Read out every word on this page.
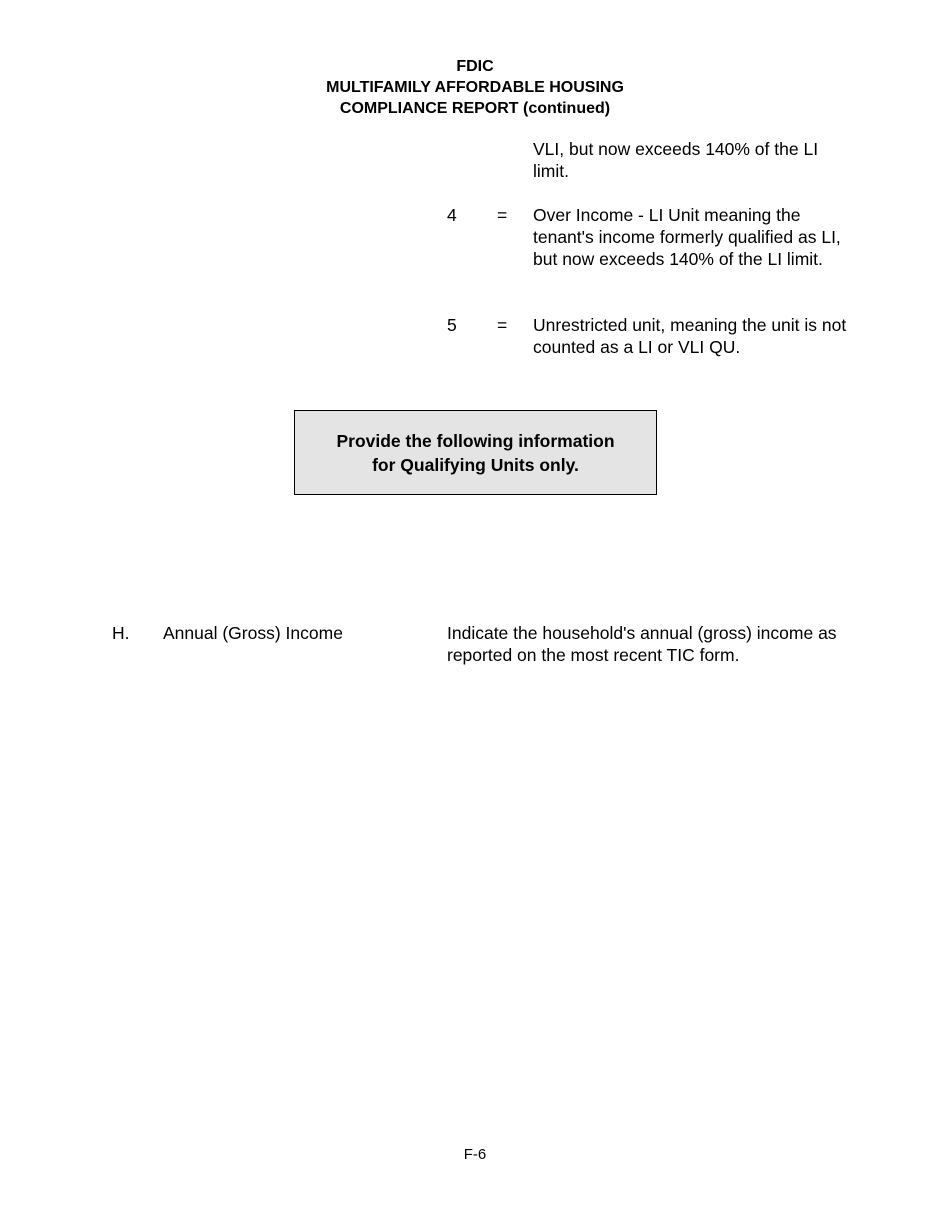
FDIC
MULTIFAMILY AFFORDABLE HOUSING
COMPLIANCE REPORT (continued)
VLI, but now exceeds 140% of the LI limit.
4	=	Over Income - LI Unit meaning the tenant's income formerly qualified as LI, but now exceeds 140% of the LI limit.
5	=	Unrestricted unit, meaning the unit is not counted as a LI or VLI QU.
Provide the following information
for Qualifying Units only.
H. Annual (Gross) Income	Indicate the household's annual (gross) income as reported on the most recent TIC form.
F-6
